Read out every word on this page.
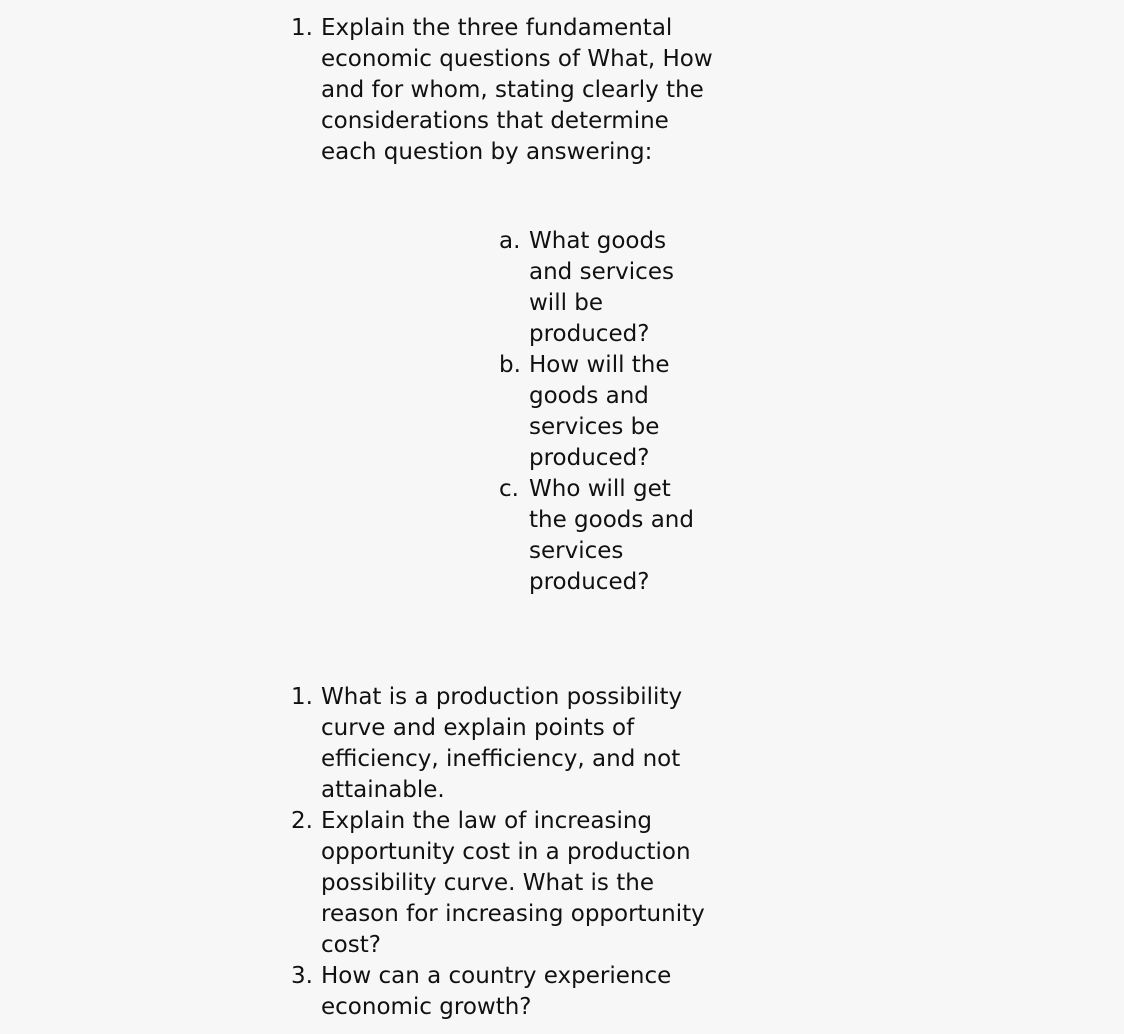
1. Explain the three fundamental economic questions of What, How and for whom, stating clearly the considerations that determine each question by answering:
a. What goods and services will be produced?
b. How will the goods and services be produced?
c. Who will get the goods and services produced?
1. What is a production possibility curve and explain points of efficiency, inefficiency, and not attainable.
2. Explain the law of increasing opportunity cost in a production possibility curve. What is the reason for increasing opportunity cost?
3. How can a country experience economic growth?
